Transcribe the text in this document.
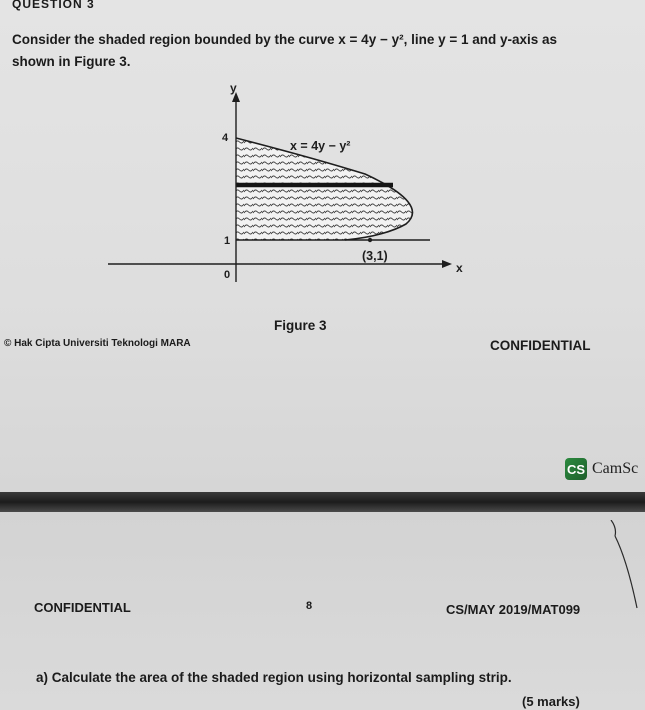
QUESTION 3
Consider the shaded region bounded by the curve x = 4y − y², line y = 1 and y-axis as
shown in Figure 3.
y
x
4
1
0
x = 4y − y²
(3,1)
Figure 3
© Hak Cipta Universiti Teknologi MARA	CONFIDENTIAL
CS CamSc
CONFIDENTIAL	8	CS/MAY 2019/MAT099
a) Calculate the area of the shaded region using horizontal sampling strip.
(5 marks)
